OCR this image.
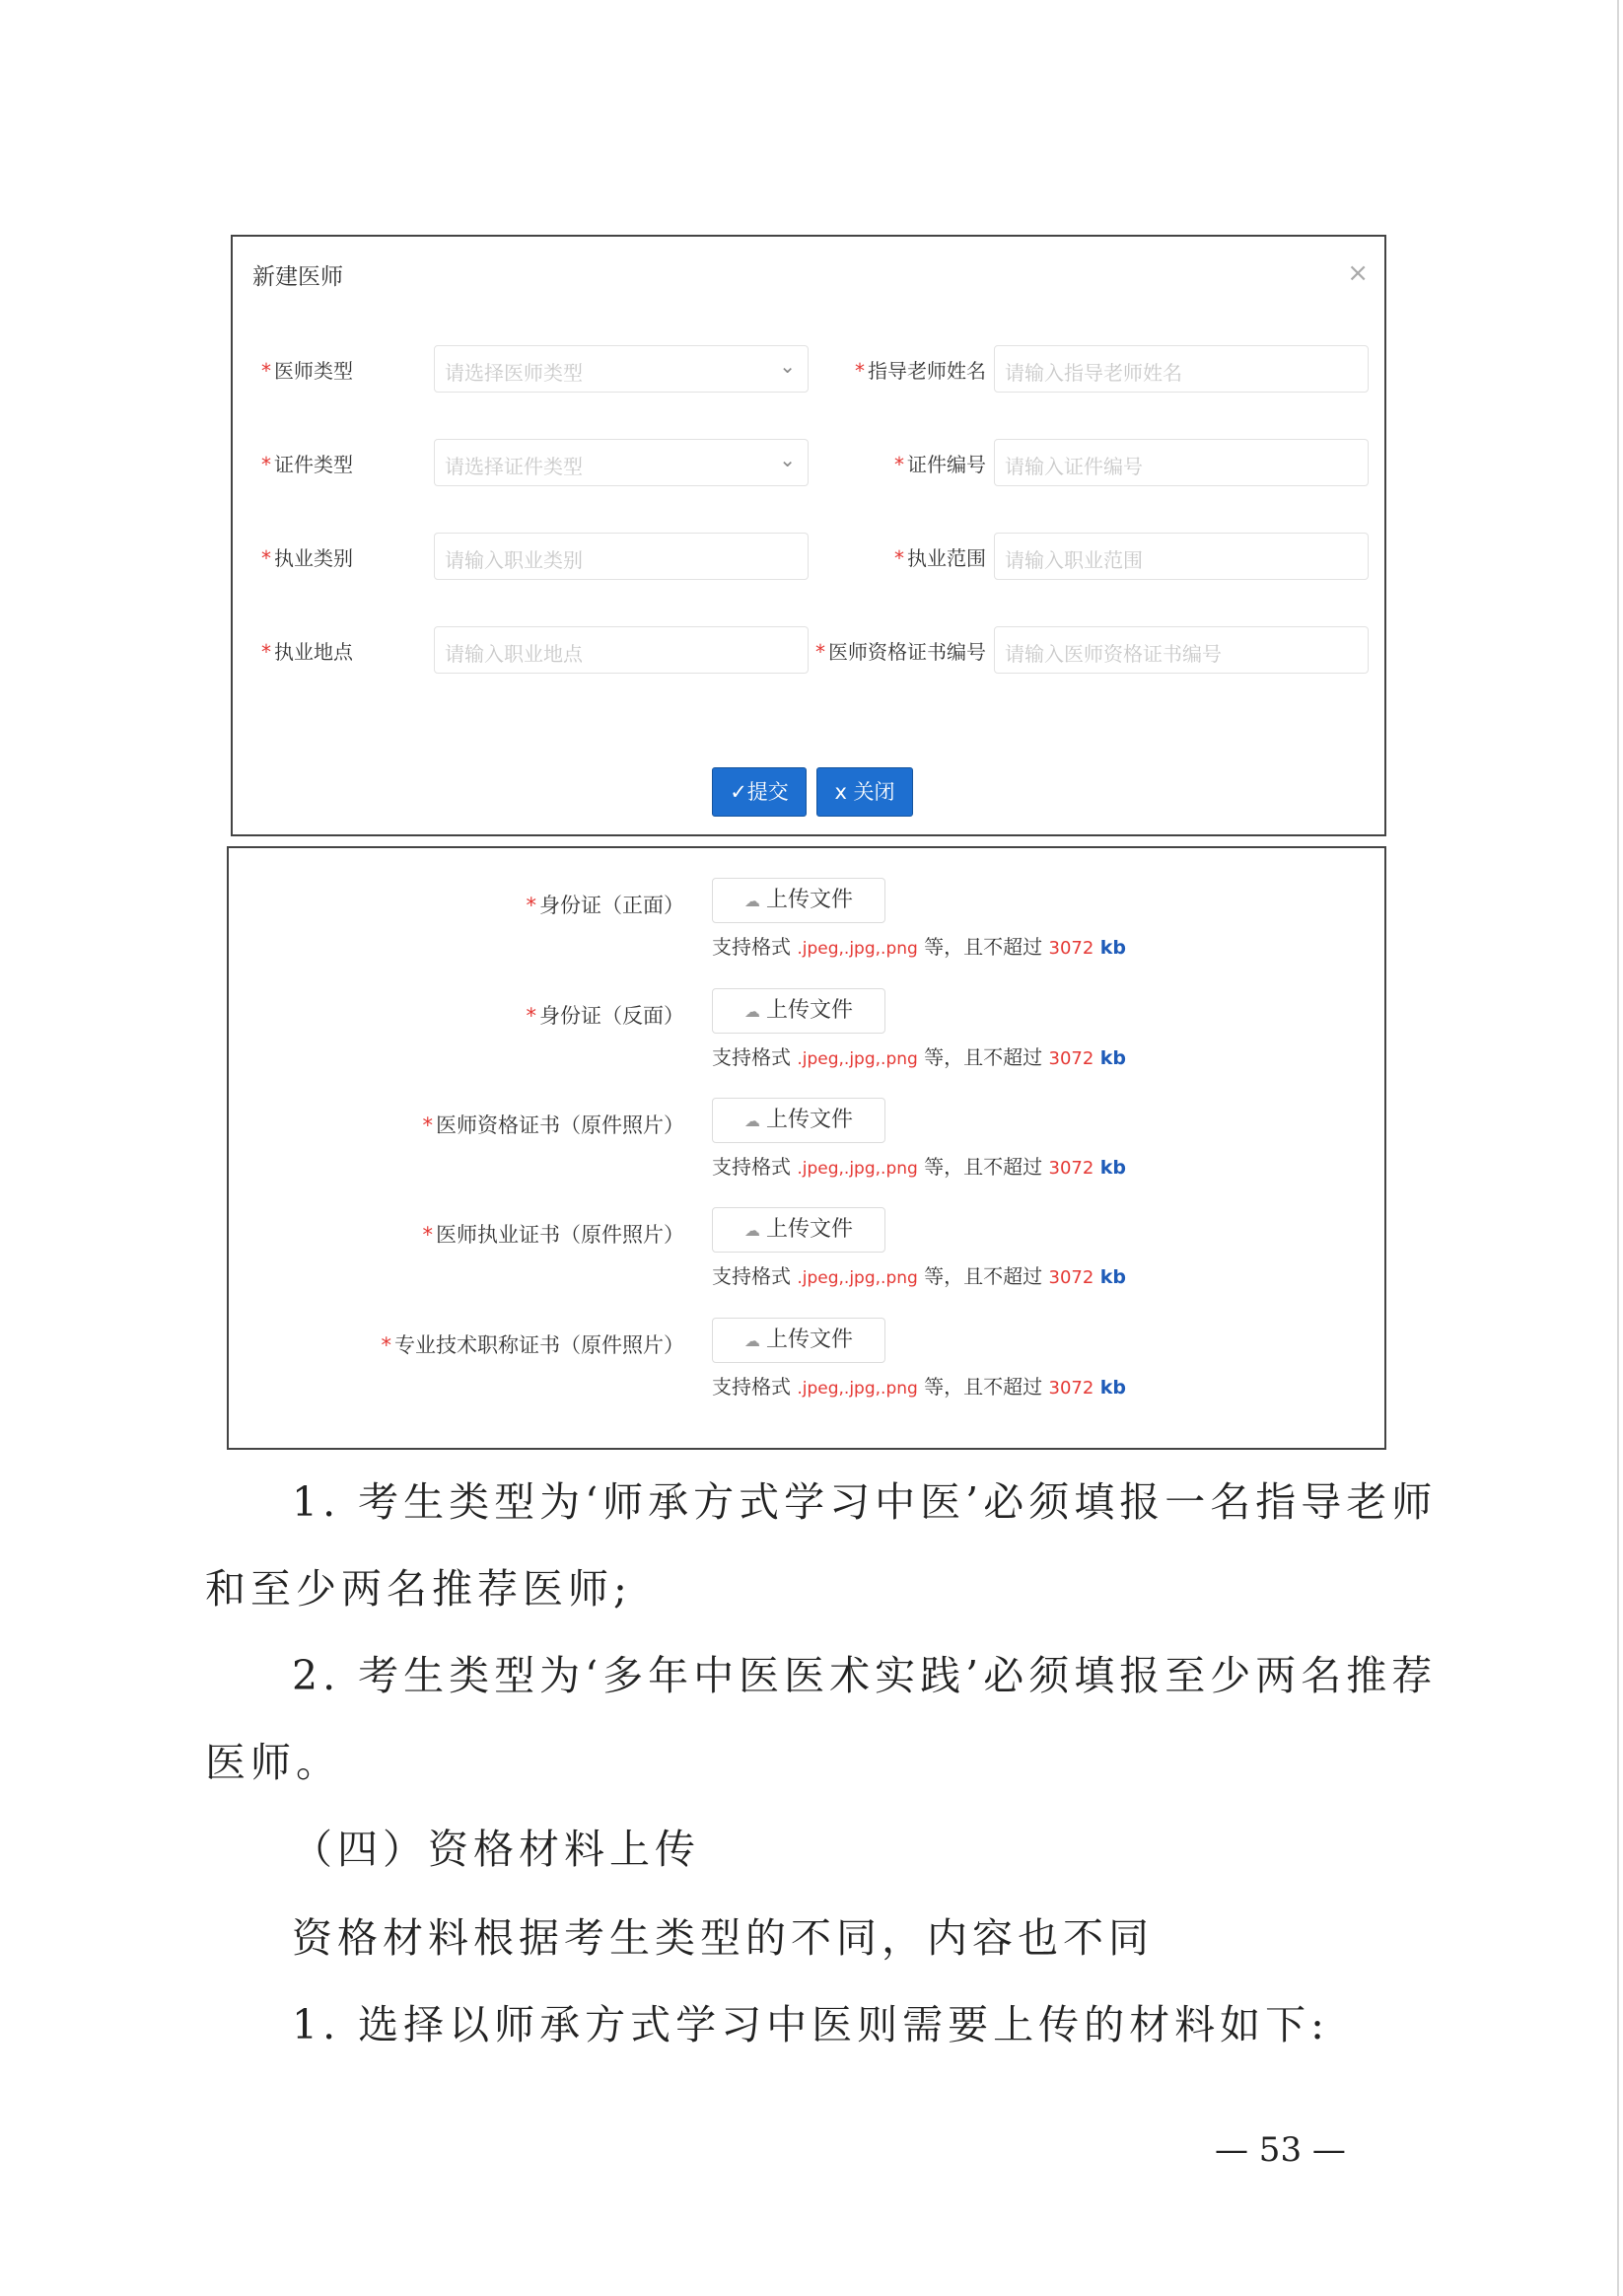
新建医师	×
* 医师类型	请选择医师类型	⌄	* 指导老师姓名 请输入指导老师姓名
* 证件类型	请选择证件类型	⌄	* 证件编号 请输入证件编号
* 执业类别	请输入职业类别	* 执业范围 请输入职业范围
* 执业地点	请输入职业地点	* 医师资格证书编号 请输入医师资格证书编号
✓提交	x 关闭
* 身份证（正面）	☁ 上传文件
支持格式 .jpeg,.jpg,.png 等，且不超过 3072 kb
* 身份证（反面）	☁ 上传文件
支持格式 .jpeg,.jpg,.png 等，且不超过 3072 kb
* 医师资格证书（原件照片）	☁ 上传文件
支持格式 .jpeg,.jpg,.png 等，且不超过 3072 kb
* 医师执业证书（原件照片）	☁ 上传文件
支持格式 .jpeg,.jpg,.png 等，且不超过 3072 kb
* 专业技术职称证书（原件照片）	☁ 上传文件
支持格式 .jpeg,.jpg,.png 等，且不超过 3072 kb
1. 考生类型为‘师承方式学习中医’必须填报一名指导老师
和至少两名推荐医师;
2. 考生类型为‘多年中医医术实践’必须填报至少两名推荐
医师。
（四）资格材料上传
资格材料根据考生类型的不同，内容也不同
1. 选择以师承方式学习中医则需要上传的材料如下:
— 53 —
